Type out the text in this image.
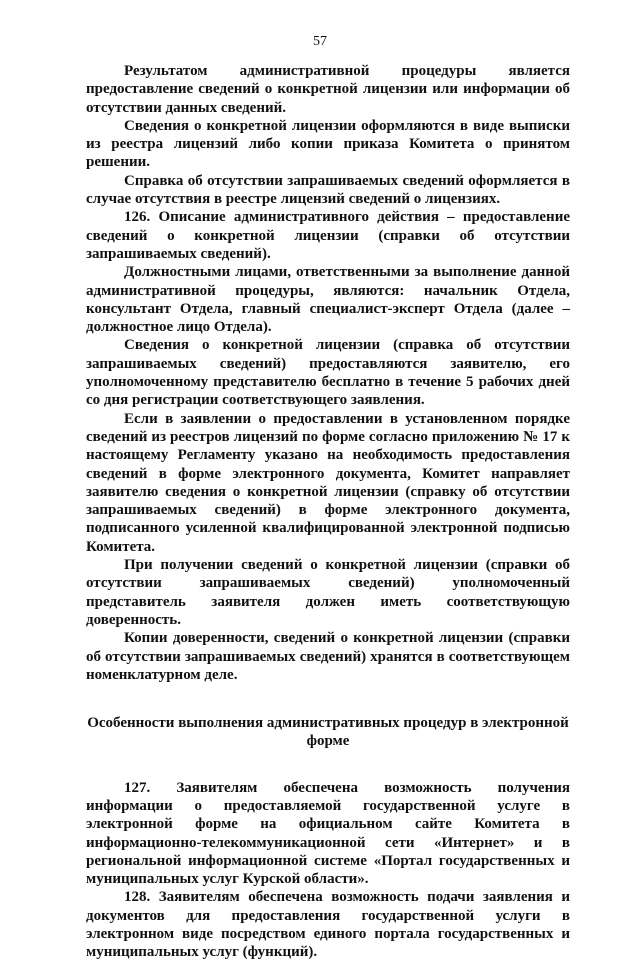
57

Результатом административной процедуры является предоставление сведений о конкретной лицензии или информации об отсутствии данных сведений.

Сведения о конкретной лицензии оформляются в виде выписки из реестра лицензий либо копии приказа Комитета о принятом решении.

Справка об отсутствии запрашиваемых сведений оформляется в случае отсутствия в реестре лицензий сведений о лицензиях.

126. Описание административного действия – предоставление сведений о конкретной лицензии (справки об отсутствии запрашиваемых сведений).

Должностными лицами, ответственными за выполнение данной административной процедуры, являются: начальник Отдела, консультант Отдела, главный специалист-эксперт Отдела (далее – должностное лицо Отдела).

Сведения о конкретной лицензии (справка об отсутствии запрашиваемых сведений) предоставляются заявителю, его уполномоченному представителю бесплатно в течение 5 рабочих дней со дня регистрации соответствующего заявления.

Если в заявлении о предоставлении в установленном порядке сведений из реестров лицензий по форме согласно приложению № 17 к настоящему Регламенту указано на необходимость предоставления сведений в форме электронного документа, Комитет направляет заявителю сведения о конкретной лицензии (справку об отсутствии запрашиваемых сведений) в форме электронного документа, подписанного усиленной квалифицированной электронной подписью Комитета.

При получении сведений о конкретной лицензии (справки об отсутствии запрашиваемых сведений) уполномоченный представитель заявителя должен иметь соответствующую доверенность.

Копии доверенности, сведений о конкретной лицензии (справки об отсутствии запрашиваемых сведений) хранятся в соответствующем номенклатурном деле.

Особенности выполнения административных процедур в электронной форме

127. Заявителям обеспечена возможность получения информации о предоставляемой государственной услуге в электронной форме на официальном сайте Комитета в информационно-телекоммуникационной сети «Интернет» и в региональной информационной системе «Портал государственных и муниципальных услуг Курской области».

128. Заявителям обеспечена возможность подачи заявления и документов для предоставления государственной услуги в электронном виде посредством единого портала государственных и муниципальных услуг (функций).
